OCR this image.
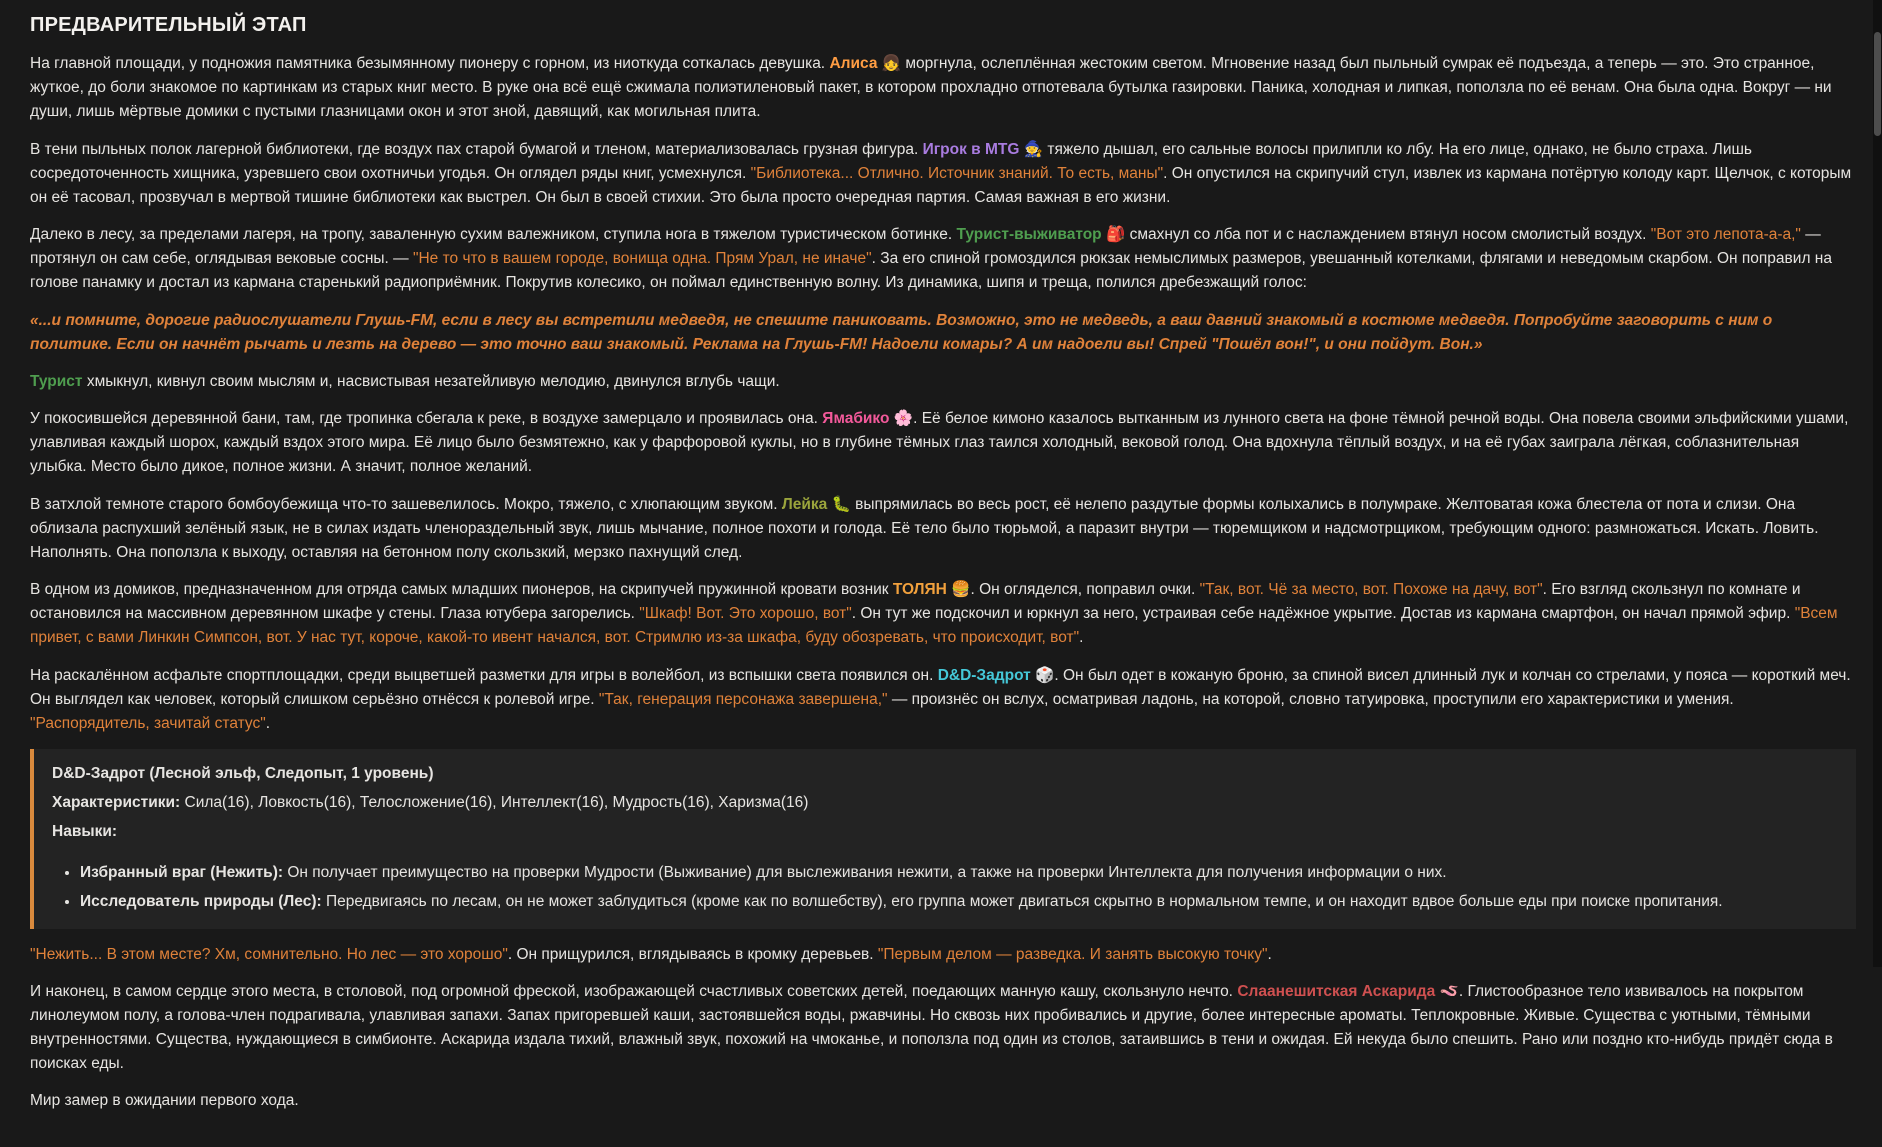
ПРЕДВАРИТЕЛЬНЫЙ ЭТАП

На главной площади, у подножия памятника безымянному пионеру с горном, из ниоткуда соткалась девушка. Алиса 👧 моргнула, ослеплённая жестоким светом. Мгновение назад был пыльный сумрак её подъезда, а теперь — это. Это странное, жуткое, до боли знакомое по картинкам из старых книг место. В руке она всё ещё сжимала полиэтиленовый пакет, в котором прохладно отпотевала бутылка газировки. Паника, холодная и липкая, поползла по её венам. Она была одна. Вокруг — ни души, лишь мёртвые домики с пустыми глазницами окон и этот зной, давящий, как могильная плита.

В тени пыльных полок лагерной библиотеки, где воздух пах старой бумагой и тленом, материализовалась грузная фигура. Игрок в MTG 🧙 тяжело дышал, его сальные волосы прилипли ко лбу. На его лице, однако, не было страха. Лишь сосредоточенность хищника, узревшего свои охотничьи угодья. Он оглядел ряды книг, усмехнулся. "Библиотека... Отлично. Источник знаний. То есть, маны". Он опустился на скрипучий стул, извлек из кармана потёртую колоду карт. Щелчок, с которым он её тасовал, прозвучал в мертвой тишине библиотеки как выстрел. Он был в своей стихии. Это была просто очередная партия. Самая важная в его жизни.

Далеко в лесу, за пределами лагеря, на тропу, заваленную сухим валежником, ступила нога в тяжелом туристическом ботинке. Турист-выживатор 🎒 смахнул со лба пот и с наслаждением втянул носом смолистый воздух. "Вот это лепота-а-а," — протянул он сам себе, оглядывая вековые сосны. — "Не то что в вашем городе, вонища одна. Прям Урал, не иначе". За его спиной громоздился рюкзак немыслимых размеров, увешанный котелками, флягами и неведомым скарбом. Он поправил на голове панамку и достал из кармана старенький радиоприёмник. Покрутив колесико, он поймал единственную волну. Из динамика, шипя и треща, полился дребезжащий голос:

«...и помните, дорогие радиослушатели Глушь-FM, если в лесу вы встретили медведя, не спешите паниковать. Возможно, это не медведь, а ваш давний знакомый в костюме медведя. Попробуйте заговорить с ним о политике. Если он начнёт рычать и лезть на дерево — это точно ваш знакомый. Реклама на Глушь-FM! Надоели комары? А им надоели вы! Спрей "Пошёл вон!", и они пойдут. Вон.»

Турист хмыкнул, кивнул своим мыслям и, насвистывая незатейливую мелодию, двинулся вглубь чащи.

У покосившейся деревянной бани, там, где тропинка сбегала к реке, в воздухе замерцало и проявилась она. Ямабико 🌸. Её белое кимоно казалось вытканным из лунного света на фоне тёмной речной воды. Она повела своими эльфийскими ушами, улавливая каждый шорох, каждый вздох этого мира. Её лицо было безмятежно, как у фарфоровой куклы, но в глубине тёмных глаз таился холодный, вековой голод. Она вдохнула тёплый воздух, и на её губах заиграла лёгкая, соблазнительная улыбка. Место было дикое, полное жизни. А значит, полное желаний.

В затхлой темноте старого бомбоубежища что-то зашевелилось. Мокро, тяжело, с хлюпающим звуком. Лейка 🐛 выпрямилась во весь рост, её нелепо раздутые формы колыхались в полумраке. Желтоватая кожа блестела от пота и слизи. Она облизала распухший зелёный язык, не в силах издать членораздельный звук, лишь мычание, полное похоти и голода. Её тело было тюрьмой, а паразит внутри — тюремщиком и надсмотрщиком, требующим одного: размножаться. Искать. Ловить. Наполнять. Она поползла к выходу, оставляя на бетонном полу скользкий, мерзко пахнущий след.

В одном из домиков, предназначенном для отряда самых младших пионеров, на скрипучей пружинной кровати возник ТОЛЯН 🍔. Он огляделся, поправил очки. "Так, вот. Чё за место, вот. Похоже на дачу, вот". Его взгляд скользнул по комнате и остановился на массивном деревянном шкафе у стены. Глаза ютубера загорелись. "Шкаф! Вот. Это хорошо, вот". Он тут же подскочил и юркнул за него, устраивая себе надёжное укрытие. Достав из кармана смартфон, он начал прямой эфир. "Всем привет, с вами Линкин Симпсон, вот. У нас тут, короче, какой-то ивент начался, вот. Стримлю из-за шкафа, буду обозревать, что происходит, вот".

На раскалённом асфальте спортплощадки, среди выцветшей разметки для игры в волейбол, из вспышки света появился он. D&D-Задрот 🎲. Он был одет в кожаную броню, за спиной висел длинный лук и колчан со стрелами, у пояса — короткий меч. Он выглядел как человек, который слишком серьёзно отнёсся к ролевой игре. "Так, генерация персонажа завершена," — произнёс он вслух, осматривая ладонь, на которой, словно татуировка, проступили его характеристики и умения. "Распорядитель, зачитай статус".

D&D-Задрот (Лесной эльф, Следопыт, 1 уровень)

Характеристики: Сила(16), Ловкость(16), Телосложение(16), Интеллект(16), Мудрость(16), Харизма(16)

Навыки:

• Избранный враг (Нежить): Он получает преимущество на проверки Мудрости (Выживание) для выслеживания нежити, а также на проверки Интеллекта для получения информации о них.
• Исследователь природы (Лес): Передвигаясь по лесам, он не может заблудиться (кроме как по волшебству), его группа может двигаться скрытно в нормальном темпе, и он находит вдвое больше еды при поиске пропитания.

"Нежить... В этом месте? Хм, сомнительно. Но лес — это хорошо". Он прищурился, вглядываясь в кромку деревьев. "Первым делом — разведка. И занять высокую точку".

И наконец, в самом сердце этого места, в столовой, под огромной фреской, изображающей счастливых советских детей, поедающих манную кашу, скользнуло нечто. Слаанешитская Аскарида 🪱. Глистообразное тело извивалось на покрытом линолеумом полу, а голова-член подрагивала, улавливая запахи. Запах пригоревшей каши, застоявшейся воды, ржавчины. Но сквозь них пробивались и другие, более интересные ароматы. Теплокровные. Живые. Существа с уютными, тёмными внутренностями. Существа, нуждающиеся в симбионте. Аскарида издала тихий, влажный звук, похожий на чмоканье, и поползла под один из столов, затаившись в тени и ожидая. Ей некуда было спешить. Рано или поздно кто-нибудь придёт сюда в поисках еды.

Мир замер в ожидании первого хода.
